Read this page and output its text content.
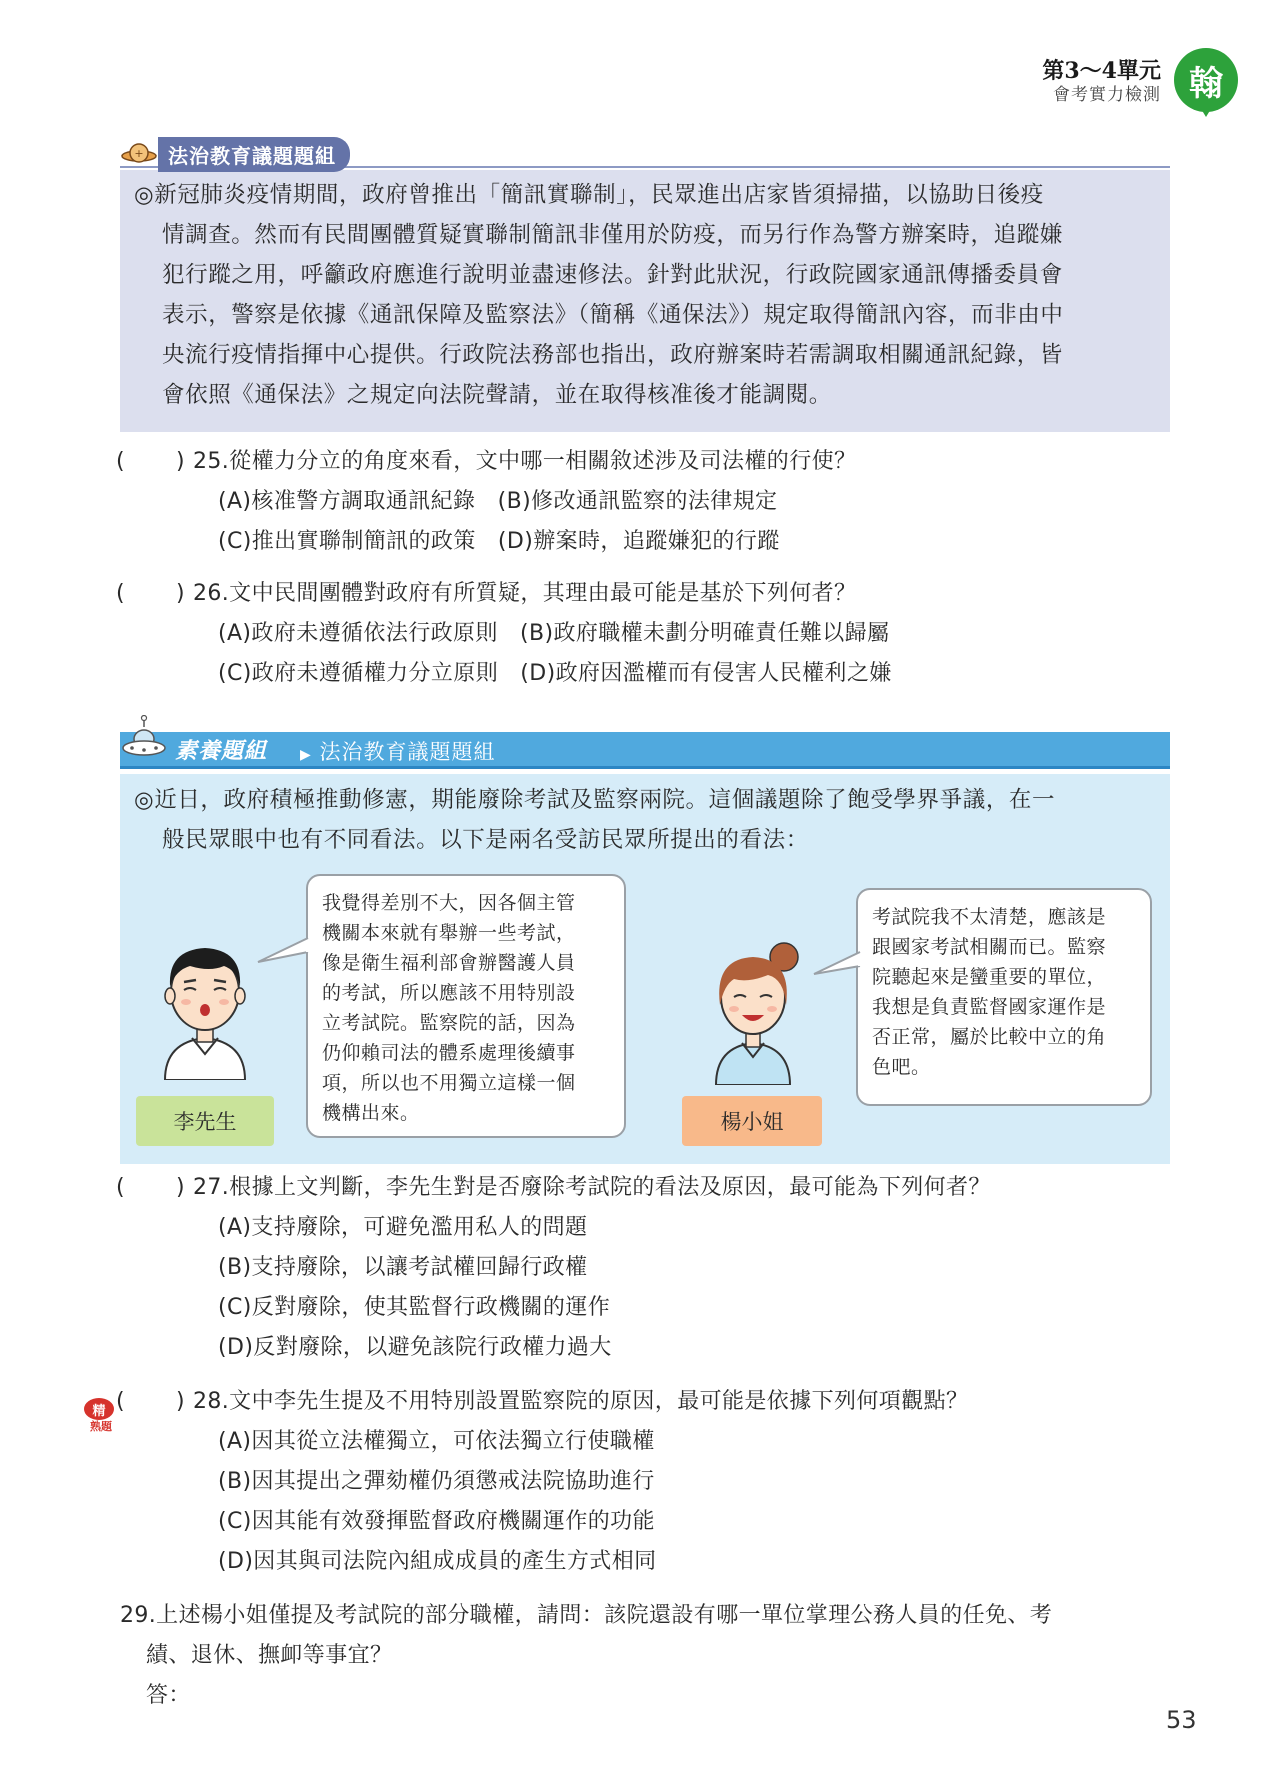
第3～4單元
會考實力檢測 翰
+	法治教育議題題組
◎新冠肺炎疫情期間，政府曾推出「簡訊實聯制」，民眾進出店家皆須掃描，以協助日後疫
情調查。然而有民間團體質疑實聯制簡訊非僅用於防疫，而另行作為警方辦案時，追蹤嫌
犯行蹤之用，呼籲政府應進行說明並盡速修法。針對此狀況，行政院國家通訊傳播委員會
表示，警察是依據《通訊保障及監察法》（簡稱《通保法》）規定取得簡訊內容，而非由中
央流行疫情指揮中心提供。行政院法務部也指出，政府辦案時若需調取相關通訊紀錄，皆
會依照《通保法》之規定向法院聲請，並在取得核准後才能調閱。
( ) 25.從權力分立的角度來看，文中哪一相關敘述涉及司法權的行使？
(A)核准警方調取通訊紀錄   (B)修改通訊監察的法律規定
(C)推出實聯制簡訊的政策   (D)辦案時，追蹤嫌犯的行蹤
( ) 26.文中民間團體對政府有所質疑，其理由最可能是基於下列何者？
(A)政府未遵循依法行政原則   (B)政府職權未劃分明確責任難以歸屬
(C)政府未遵循權力分立原則   (D)政府因濫權而有侵害人民權利之嫌
素養題組 ▶ 法治教育議題題組
◎近日，政府積極推動修憲，期能廢除考試及監察兩院。這個議題除了飽受學界爭議，在一
般民眾眼中也有不同看法。以下是兩名受訪民眾所提出的看法：
我覺得差別不大，因各個主管
機關本來就有舉辦一些考試，
像是衛生福利部會辦醫護人員
的考試，所以應該不用特別設
立考試院。監察院的話，因為
仍仰賴司法的體系處理後續事
項，所以也不用獨立這樣一個
機構出來。
李先生
考試院我不太清楚，應該是
跟國家考試相關而已。監察
院聽起來是蠻重要的單位，
我想是負責監督國家運作是
否正常，屬於比較中立的角
色吧。
楊小姐
( ) 27.根據上文判斷，李先生對是否廢除考試院的看法及原因，最可能為下列何者？
(A)支持廢除，可避免濫用私人的問題
(B)支持廢除，以讓考試權回歸行政權
(C)反對廢除，使其監督行政機關的運作
(D)反對廢除，以避免該院行政權力過大
精
熟題
( ) 28.文中李先生提及不用特別設置監察院的原因，最可能是依據下列何項觀點？
(A)因其從立法權獨立，可依法獨立行使職權
(B)因其提出之彈劾權仍須懲戒法院協助進行
(C)因其能有效發揮監督政府機關運作的功能
(D)因其與司法院內組成成員的產生方式相同
29.上述楊小姐僅提及考試院的部分職權，請問：該院還設有哪一單位掌理公務人員的任免、考
績、退休、撫卹等事宜？
答：
53
